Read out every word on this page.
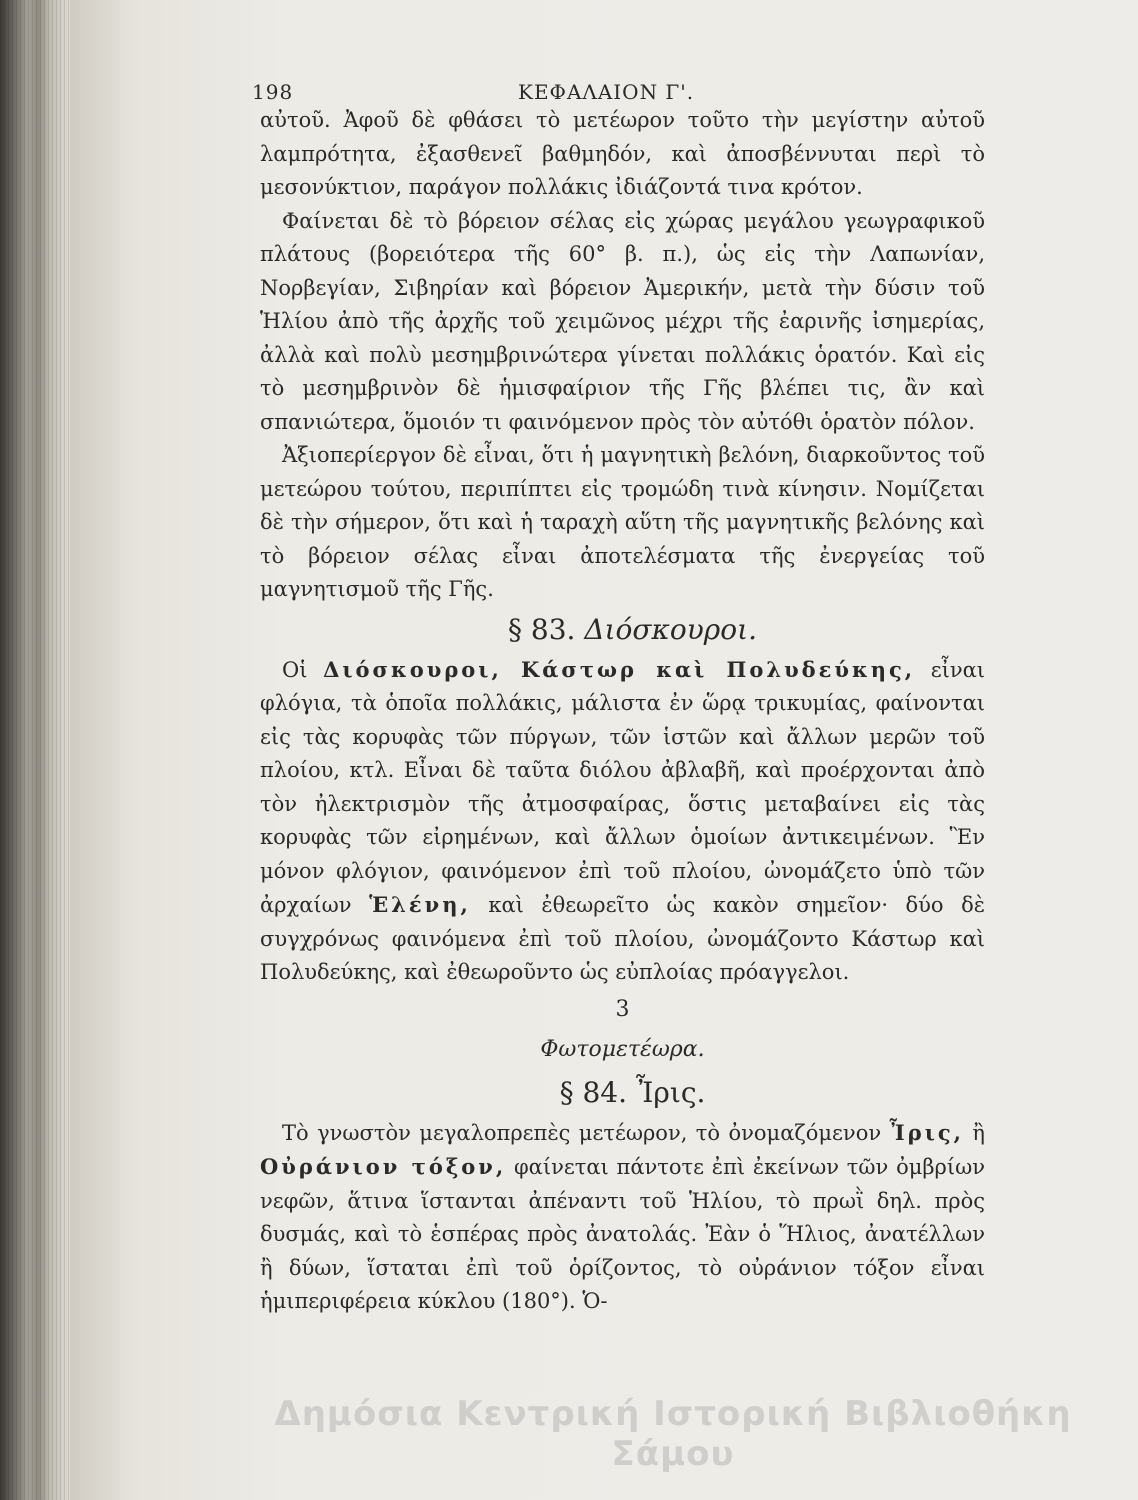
198	ΚΕΦΑΛΑΙΟΝ Γ'.

αὐτοῦ. Ἀφοῦ δὲ φθάσει τὸ μετέωρον τοῦτο τὴν μεγίστην αὐτοῦ λαμπρότητα, ἐξασθενεῖ βαθμηδόν, καὶ ἀποσβέννυται περὶ τὸ μεσονύκτιον, παράγον πολλάκις ἰδιάζοντά τινα κρότον.

Φαίνεται δὲ τὸ βόρειον σέλας εἰς χώρας μεγάλου γεωγραφικοῦ πλάτους (βορειότερα τῆς 60° β. π.), ὡς εἰς τὴν Λαπωνίαν, Νορβεγίαν, Σιβηρίαν καὶ βόρειον Ἀμερικήν, μετὰ τὴν δύσιν τοῦ Ἡλίου ἀπὸ τῆς ἀρχῆς τοῦ χειμῶνος μέχρι τῆς ἐαρινῆς ἰσημερίας, ἀλλὰ καὶ πολὺ μεσημβρινώτερα γίνεται πολλάκις ὁρατόν. Καὶ εἰς τὸ μεσημβρινὸν δὲ ἡμισφαίριον τῆς Γῆς βλέπει τις, ἂν καὶ σπανιώτερα, ὅμοιόν τι φαινόμενον πρὸς τὸν αὐτόθι ὁρατὸν πόλον.

Ἀξιοπερίεργον δὲ εἶναι, ὅτι ἡ μαγνητικὴ βελόνη, διαρκοῦντος τοῦ μετεώρου τούτου, περιπίπτει εἰς τρομώδη τινὰ κίνησιν. Νομίζεται δὲ τὴν σήμερον, ὅτι καὶ ἡ ταραχὴ αὕτη τῆς μαγνητικῆς βελόνης καὶ τὸ βόρειον σέλας εἶναι ἀποτελέσματα τῆς ἐνεργείας τοῦ μαγνητισμοῦ τῆς Γῆς.

§ 83. Διόσκουροι.

Οἱ Διόσκουροι, Κάστωρ καὶ Πολυδεύκης, εἶναι φλόγια, τὰ ὁποῖα πολλάκις, μάλιστα ἐν ὥρᾳ τρικυμίας, φαίνονται εἰς τὰς κορυφὰς τῶν πύργων, τῶν ἱστῶν καὶ ἄλλων μερῶν τοῦ πλοίου, κτλ. Εἶναι δὲ ταῦτα διόλου ἀβλαβῆ, καὶ προέρχονται ἀπὸ τὸν ἠλεκτρισμὸν τῆς ἀτμοσφαίρας, ὅστις μεταβαίνει εἰς τὰς κορυφὰς τῶν εἰρημένων, καὶ ἄλλων ὁμοίων ἀντικειμένων. Ἓν μόνον φλόγιον, φαινόμενον ἐπὶ τοῦ πλοίου, ὠνομάζετο ὑπὸ τῶν ἀρχαίων Ἑλένη, καὶ ἐθεωρεῖτο ὡς κακὸν σημεῖον· δύο δὲ συγχρόνως φαινόμενα ἐπὶ τοῦ πλοίου, ὠνομάζοντο Κάστωρ καὶ Πολυδεύκης, καὶ ἐθεωροῦντο ὡς εὐπλοίας πρόαγγελοι.

3
Φωτομετέωρα.
§ 84. Ἶρις.

Τὸ γνωστὸν μεγαλοπρεπὲς μετέωρον, τὸ ὀνομαζόμενον Ἶρις, ἢ Οὐράνιον τόξον, φαίνεται πάντοτε ἐπὶ ἐκείνων τῶν ὀμβρίων νεφῶν, ἅτινα ἵστανται ἀπέναντι τοῦ Ἡλίου, τὸ πρωῒ δηλ. πρὸς δυσμάς, καὶ τὸ ἑσπέρας πρὸς ἀνατολάς. Ἐὰν ὁ Ἥλιος, ἀνατέλλων ἢ δύων, ἵσταται ἐπὶ τοῦ ὁρίζοντος, τὸ οὐράνιον τόξον εἶναι ἡμιπεριφέρεια κύκλου (180°). Ὁ-

Δημόσια Κεντρική Ιστορική Βιβλιοθήκη Σάμου
